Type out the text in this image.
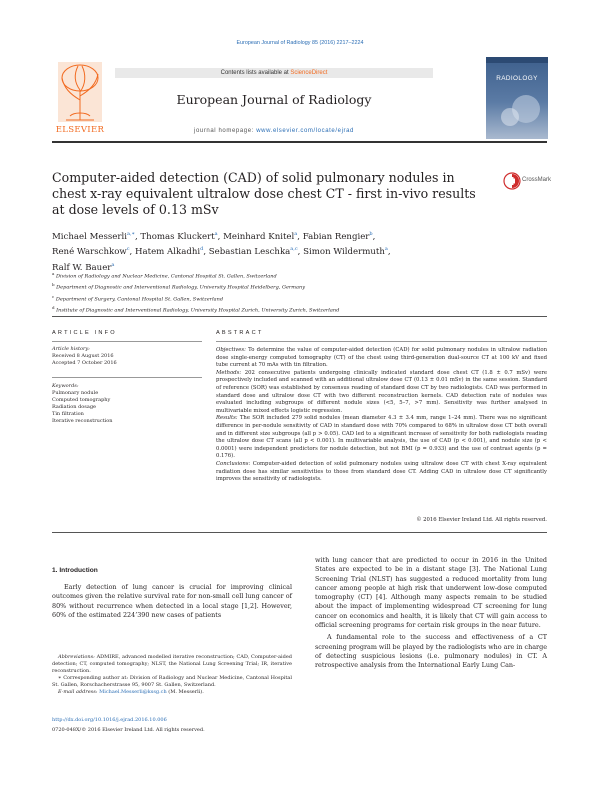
European Journal of Radiology 85 (2016) 2217–2224
Contents lists available at ScienceDirect
European Journal of Radiology
journal homepage: www.elsevier.com/locate/ejrad
ELSEVIER
RADIOLOGY
Computer-aided detection (CAD) of solid pulmonary nodules in chest x-ray equivalent ultralow dose chest CT - first in-vivo results at dose levels of 0.13 mSv
CrossMark
Michael Messerli$^{a,∗}$, Thomas Kluckert$^a$, Meinhard Knitel$^a$, Fabian Rengier$^b$,
René Warschkow$^c$, Hatem Alkadhi$^d$, Sebastian Leschka$^{a,c}$, Simon Wildermuth$^a$,
Ralf W. Bauer$^a$
$^a$ Division of Radiology and Nuclear Medicine, Cantonal Hospital St. Gallen, Switzerland
$^b$ Department of Diagnostic and Interventional Radiology, University Hospital Heidelberg, Germany
$^c$ Department of Surgery, Cantonal Hospital St. Gallen, Switzerland
$^d$ Institute of Diagnostic and Interventional Radiology, University Hospital Zurich, University Zurich, Switzerland
ARTICLE INFO
Article history:
Received 8 August 2016
Accepted 7 October 2016
Keywords:
Pulmonary nodule
Computed tomography
Radiation dosage
Tin filtration
Iterative reconstruction
ABSTRACT
Objectives: To determine the value of computer-aided detection (CAD) for solid pulmonary nodules in ultralow radiation dose single-energy computed tomography (CT) of the chest using third-generation dual-source CT at 100 kV and fixed tube current at 70 mAs with tin filtration.
Methods: 202 consecutive patients undergoing clinically indicated standard dose chest CT (1.8 ± 0.7 mSv) were prospectively included and scanned with an additional ultralow dose CT (0.13 ± 0.01 mSv) in the same session. Standard of reference (SOR) was established by consensus reading of standard dose CT by two radiologists. CAD was performed in standard dose and ultralow dose CT with two different reconstruction kernels. CAD detection rate of nodules was evaluated including subgroups of different nodule sizes (<5, 5–7, >7 mm). Sensitivity was further analysed in multivariable mixed effects logistic regression.
Results: The SOR included 279 solid nodules (mean diameter 4.3 ± 3.4 mm, range 1–24 mm). There was no significant difference in per-nodule sensitivity of CAD in standard dose with 70% compared to 68% in ultralow dose CT both overall and in different size subgroups (all p > 0.05). CAD led to a significant increase of sensitivity for both radiologists reading the ultralow dose CT scans (all p < 0.001). In multivariable analysis, the use of CAD (p < 0.001), and nodule size (p < 0.0001) were independent predictors for nodule detection, but not BMI (p = 0.933) and the use of contrast agents (p = 0.176).
Conclusions: Computer-aided detection of solid pulmonary nodules using ultralow dose CT with chest X-ray equivalent radiation dose has similar sensitivities to those from standard dose CT. Adding CAD in ultralow dose CT significantly improves the sensitivity of radiologists.
© 2016 Elsevier Ireland Ltd. All rights reserved.
1. Introduction
Early detection of lung cancer is crucial for improving clinical outcomes given the relative survival rate for non-small cell lung cancer of 80% without recurrence when detected in a local stage [1,2]. However, 60% of the estimated 224’390 new cases of patients

with lung cancer that are predicted to occur in 2016 in the United States are expected to be in a distant stage [3]. The National Lung Screening Trial (NLST) has suggested a reduced mortality from lung cancer among people at high risk that underwent low-dose computed tomography (CT) [4]. Although many aspects remain to be studied about the impact of implementing widespread CT screening for lung cancer on economics and health, it is likely that CT will gain access to official screening programs for certain risk groups in the near future.

A fundamental role to the success and effectiveness of a CT screening program will be played by the radiologists who are in charge of detecting suspicious lesions (i.e. pulmonary nodules) in CT. A retrospective analysis from the International Early Lung Can-

Abbreviations: ADMIRE, advanced modelled iterative reconstruction; CAD, Computer-aided detection; CT, computed tomography; NLST, the National Lung Screening Trial; IR, iterative reconstruction.

∗ Corresponding author at: Division of Radiology and Nuclear Medicine, Cantonal Hospital St. Gallen, Rorschacherstrasse 95, 9007 St. Gallen, Switzerland.

E-mail address: Michael.Messerli@kssg.ch (M. Messerli).

http://dx.doi.org/10.1016/j.ejrad.2016.10.006
0720-048X/© 2016 Elsevier Ireland Ltd. All rights reserved.
